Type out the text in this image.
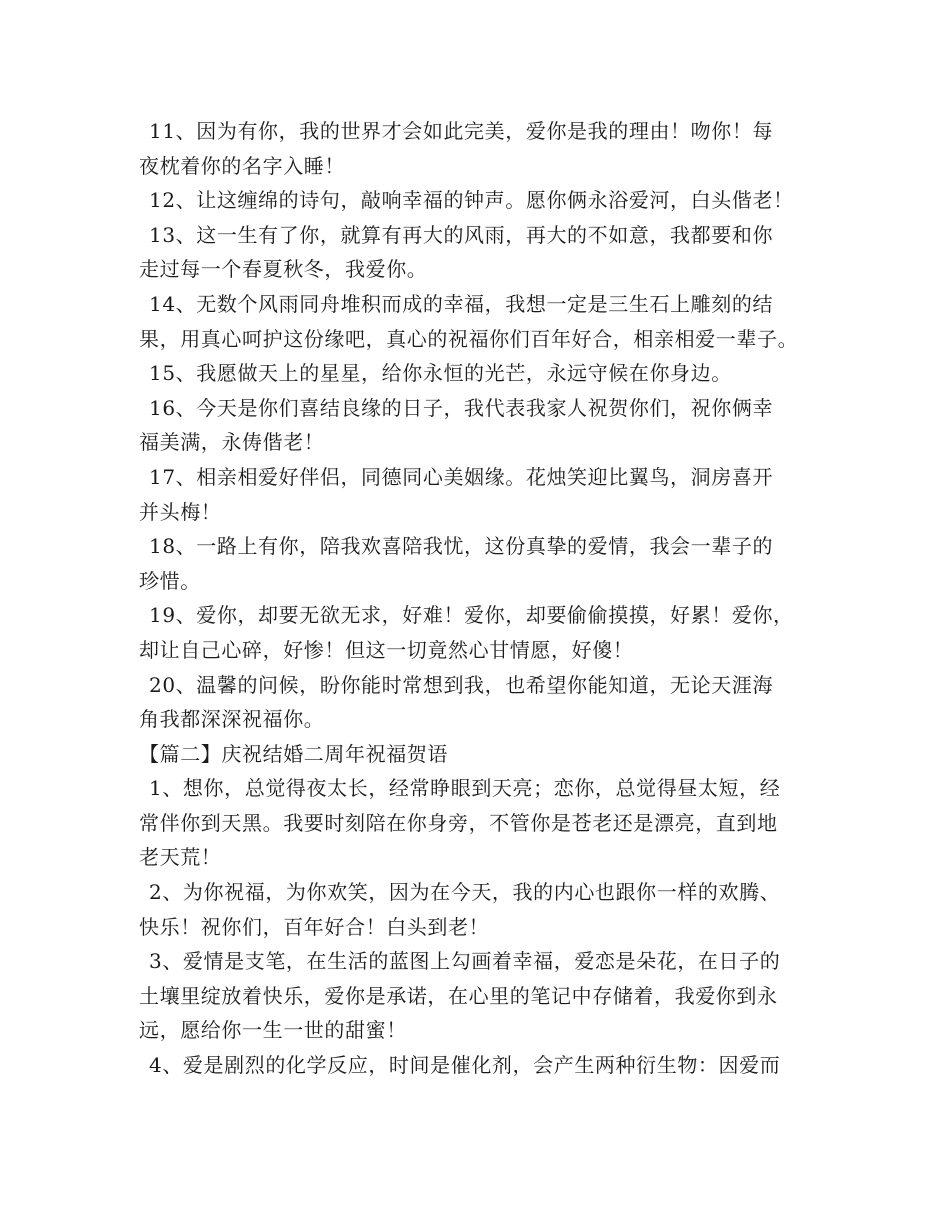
11、因为有你，我的世界才会如此完美，爱你是我的理由！吻你！每
夜枕着你的名字入睡！
12、让这缠绵的诗句，敲响幸福的钟声。愿你俩永浴爱河，白头偕老！
13、这一生有了你，就算有再大的风雨，再大的不如意，我都要和你
走过每一个春夏秋冬，我爱你。
14、无数个风雨同舟堆积而成的幸福，我想一定是三生石上雕刻的结
果，用真心呵护这份缘吧，真心的祝福你们百年好合，相亲相爱一辈子。
15、我愿做天上的星星，给你永恒的光芒，永远守候在你身边。
16、今天是你们喜结良缘的日子，我代表我家人祝贺你们，祝你俩幸
福美满，永俦偕老！
17、相亲相爱好伴侣，同德同心美姻缘。花烛笑迎比翼鸟，洞房喜开
并头梅！
18、一路上有你，陪我欢喜陪我忧，这份真挚的爱情，我会一辈子的
珍惜。
19、爱你，却要无欲无求，好难！爱你，却要偷偷摸摸，好累！爱你，
却让自己心碎，好惨！但这一切竟然心甘情愿，好傻！
20、温馨的问候，盼你能时常想到我，也希望你能知道，无论天涯海
角我都深深祝福你。
【篇二】庆祝结婚二周年祝福贺语
1、想你，总觉得夜太长，经常睁眼到天亮；恋你，总觉得昼太短，经
常伴你到天黑。我要时刻陪在你身旁，不管你是苍老还是漂亮，直到地
老天荒！
2、为你祝福，为你欢笑，因为在今天，我的内心也跟你一样的欢腾、
快乐！祝你们，百年好合！白头到老！
3、爱情是支笔，在生活的蓝图上勾画着幸福，爱恋是朵花，在日子的
土壤里绽放着快乐，爱你是承诺，在心里的笔记中存储着，我爱你到永
远，愿给你一生一世的甜蜜！
4、爱是剧烈的化学反应，时间是催化剂，会产生两种衍生物：因爱而
